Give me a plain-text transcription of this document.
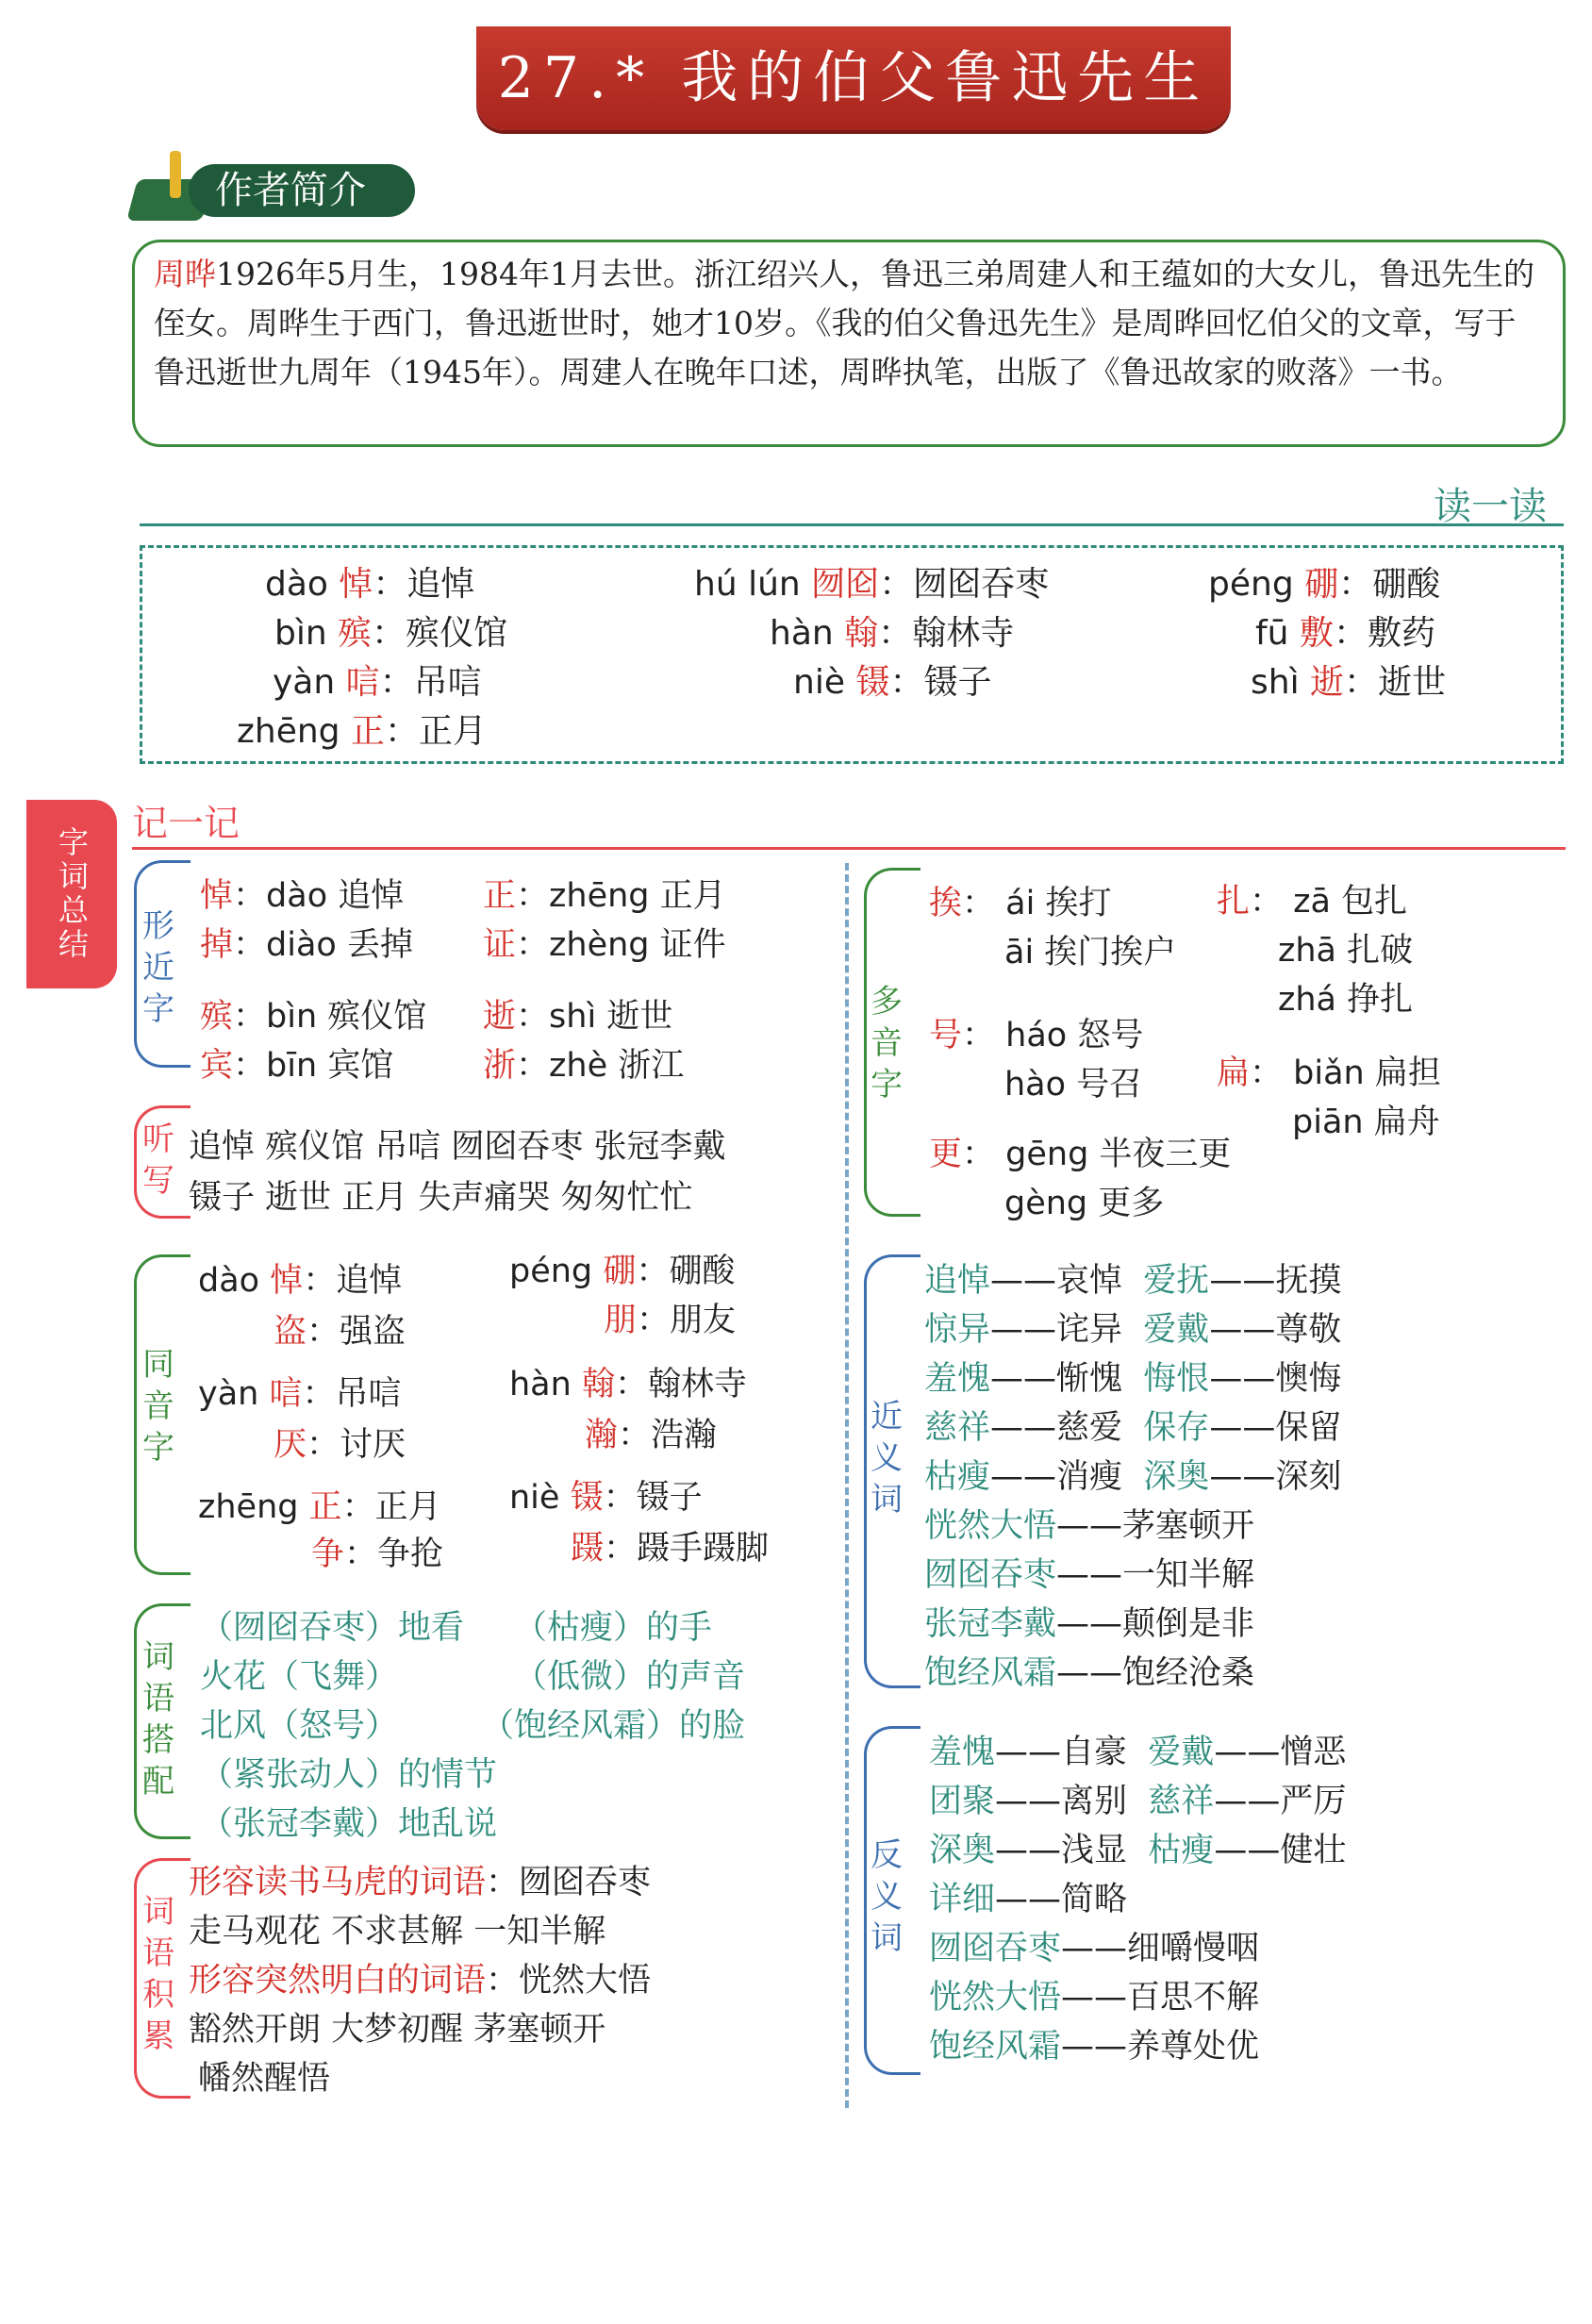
27.* 我的伯父鲁迅先生
作者简介
周晔1926年5月生，1984年1月去世。浙江绍兴人，鲁迅三弟周建人和王蕴如的大女儿，鲁迅先生的侄女。周晔生于西门，鲁迅逝世时，她才10岁。《我的伯父鲁迅先生》是周晔回忆伯父的文章，写于鲁迅逝世九周年（1945年）。周建人在晚年口述，周晔执笔，出版了《鲁迅故家的败落》一书。
读一读
dào 悼：追悼
bìn 殡：殡仪馆
yàn 唁：吊唁
zhēng 正：正月
hú lún 囫囵：囫囵吞枣
hàn 翰：翰林寺
niè 镊：镊子
péng 硼：硼酸
fū 敷：敷药
shì 逝：逝世
字词总结
记一记
形近字
悼：dào 追悼
掉：diào 丢掉
殡：bìn 殡仪馆
宾：bīn 宾馆
正：zhēng 正月
证：zhèng 证件
逝：shì 逝世
浙：zhè 浙江
听写
追悼 殡仪馆 吊唁 囫囵吞枣 张冠李戴
镊子 逝世 正月 失声痛哭 匆匆忙忙
同音字
dào 悼：追悼
盗：强盗
yàn 唁：吊唁
厌：讨厌
zhēng 正：正月
争：争抢
péng 硼：硼酸
朋：朋友
hàn 翰：翰林寺
瀚：浩瀚
niè 镊：镊子
蹑：蹑手蹑脚
词语搭配
（囫囵吞枣）地看 （枯瘦）的手
火花（飞舞）	（低微）的声音
北风（怒号）	（饱经风霜）的脸
（紧张动人）的情节
（张冠李戴）地乱说
词语积累
形容读书马虎的词语：囫囵吞枣
走马观花 不求甚解 一知半解
形容突然明白的词语：恍然大悟
豁然开朗 大梦初醒 茅塞顿开
幡然醒悟
多音字
挨： ái 挨打
āi 挨门挨户
号： háo 怒号
hào 号召
更： gēng 半夜三更
gèng 更多
扎： zā 包扎
zhā 扎破
zhá 挣扎
扁： biǎn 扁担
piān 扁舟
近义词
追悼——哀悼 爱抚——抚摸
惊异——诧异 爱戴——尊敬
羞愧——惭愧 悔恨——懊悔
慈祥——慈爱 保存——保留
枯瘦——消瘦 深奥——深刻
恍然大悟——茅塞顿开
囫囵吞枣——一知半解
张冠李戴——颠倒是非
饱经风霜——饱经沧桑
反义词
羞愧——自豪 爱戴——憎恶
团聚——离别 慈祥——严厉
深奥——浅显 枯瘦——健壮
详细——简略
囫囵吞枣——细嚼慢咽
恍然大悟——百思不解
饱经风霜——养尊处优
